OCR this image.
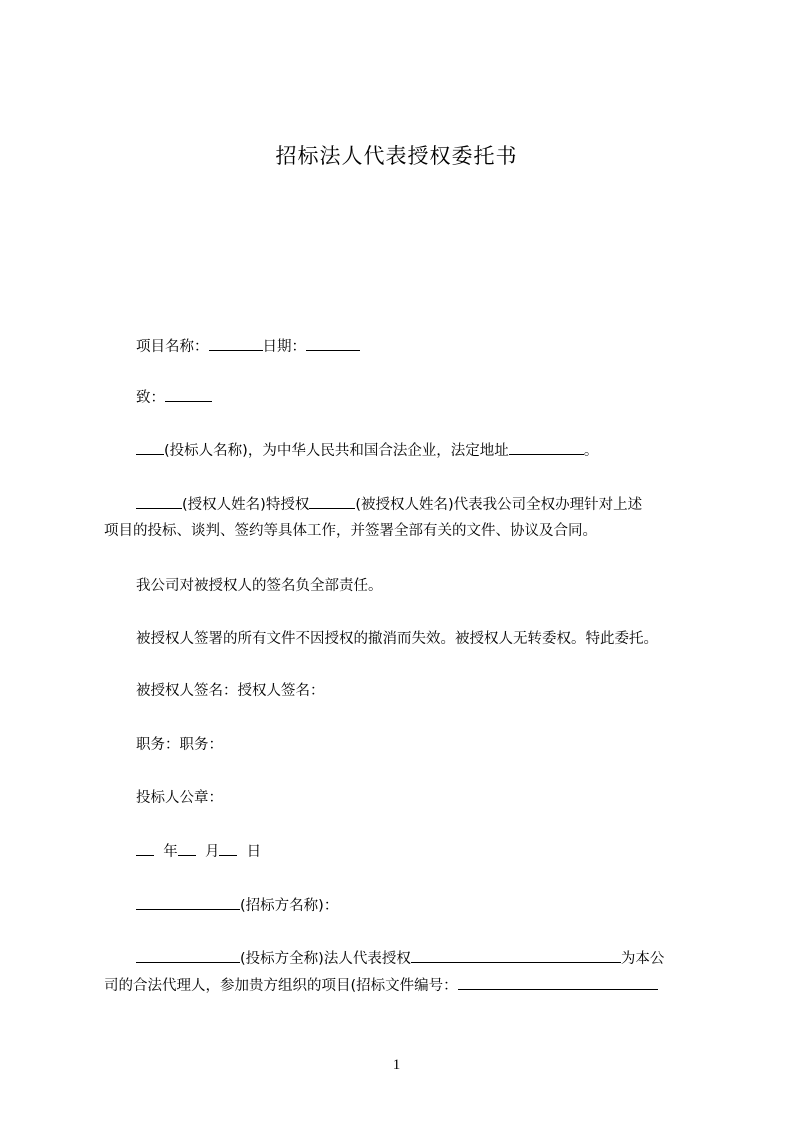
招标法人代表授权委托书
项目名称：	日期：
致：
(投标人名称)，为中华人民共和国合法企业，法定地址	。
(授权人姓名)特授权	(被授权人姓名)代表我公司全权办理针对上述
项目的投标、谈判、签约等具体工作，并签署全部有关的文件、协议及合同。
我公司对被授权人的签名负全部责任。
被授权人签署的所有文件不因授权的撤消而失效。被授权人无转委权。特此委托。
被授权人签名：授权人签名：
职务：职务：
投标人公章：
年 月 日
(招标方名称)：
(投标方全称)法人代表授权	为本公
司的合法代理人，参加贵方组织的项目(招标文件编号：
1
